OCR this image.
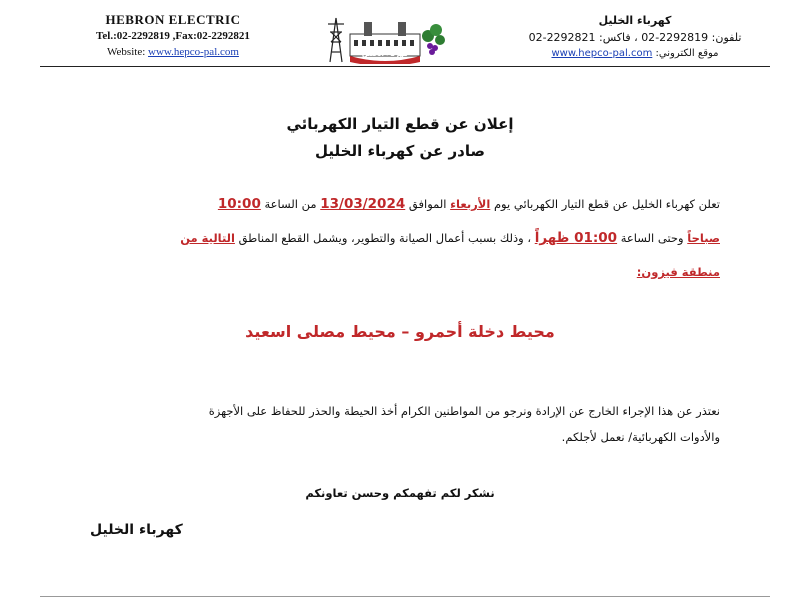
HEBRON ELECTRIC
Tel.:02-2292819 ,Fax:02-2292821
Website: www.hepco-pal.com	كهرباء الخليل
كهرباء الخليل
تلفون: 2292819-02 ، فاكس: 2292821-02
موقع الكتروني: www.hepco-pal.com
إعلان عن قطع التيار الكهربائي
صادر عن كهرباء الخليل
تعلن كهرباء الخليل عن قطع التيار الكهربائي يوم الأربعاء الموافق 13/03/2024 من الساعة 10:00
صباحاً وحتى الساعة 01:00 ظهراً ، وذلك بسبب أعمال الصيانة والتطوير، ويشمل القطع المناطق التالية من
منطقة فيزون:
محيط دخلة أحمرو – محيط مصلى اسعيد
نعتذر عن هذا الإجراء الخارج عن الإرادة ونرجو من المواطنين الكرام أخذ الحيطة والحذر للحفاظ على الأجهزة
والأدوات الكهربائية/ نعمل لأجلكم.
نشكر لكم تفهمكم وحسن تعاونكم
كهرباء الخليل
